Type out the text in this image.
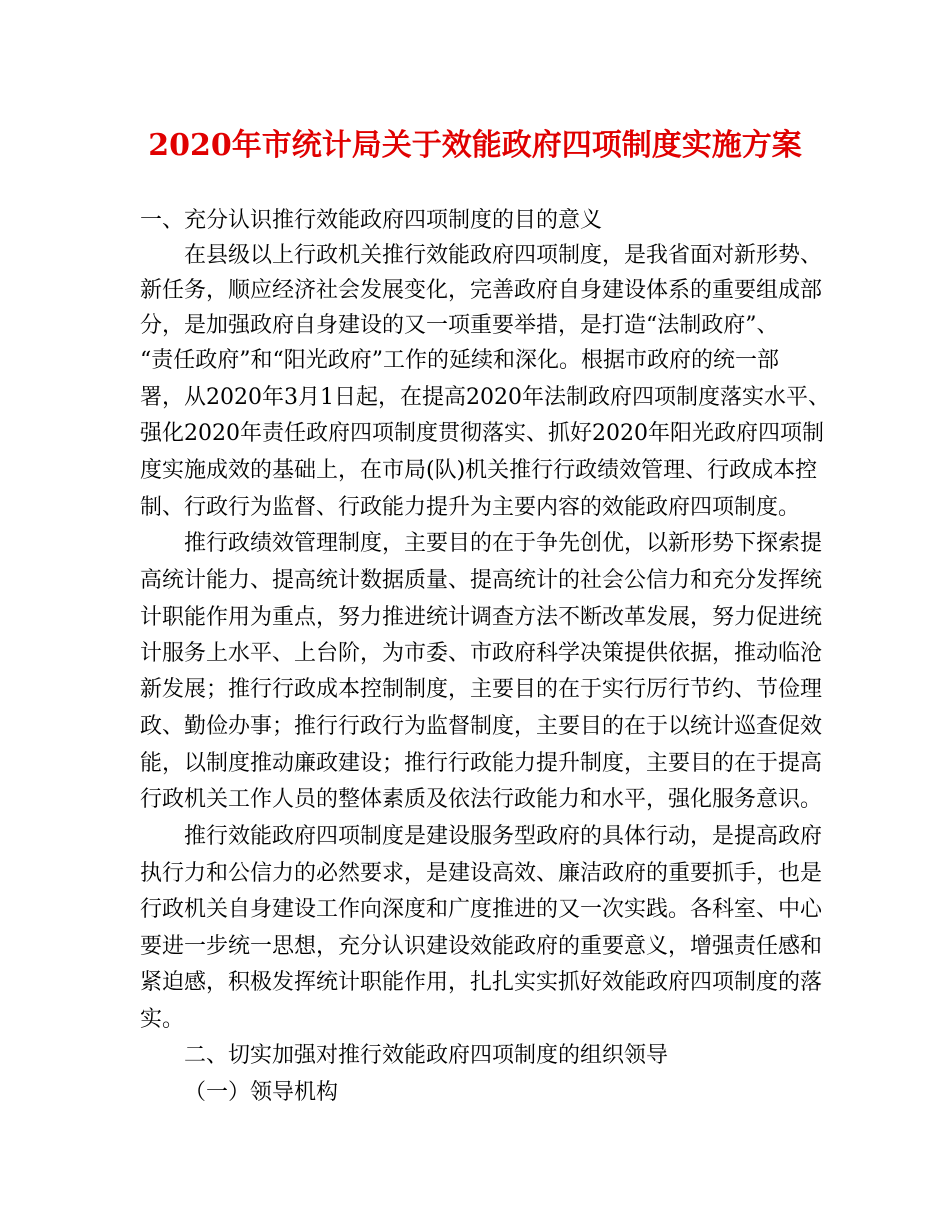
2020年市统计局关于效能政府四项制度实施方案
一、充分认识推行效能政府四项制度的目的意义
在县级以上行政机关推行效能政府四项制度，是我省面对新形势、
新任务，顺应经济社会发展变化，完善政府自身建设体系的重要组成部
分，是加强政府自身建设的又一项重要举措，是打造“法制政府”、
“责任政府”和“阳光政府”工作的延续和深化。根据市政府的统一部
署，从2020年3月1日起，在提高2020年法制政府四项制度落实水平、
强化2020年责任政府四项制度贯彻落实、抓好2020年阳光政府四项制
度实施成效的基础上，在市局(队)机关推行行政绩效管理、行政成本控
制、行政行为监督、行政能力提升为主要内容的效能政府四项制度。
推行政绩效管理制度，主要目的在于争先创优，以新形势下探索提
高统计能力、提高统计数据质量、提高统计的社会公信力和充分发挥统
计职能作用为重点，努力推进统计调查方法不断改革发展，努力促进统
计服务上水平、上台阶，为市委、市政府科学决策提供依据，推动临沧
新发展；推行行政成本控制制度，主要目的在于实行厉行节约、节俭理
政、勤俭办事；推行行政行为监督制度，主要目的在于以统计巡查促效
能，以制度推动廉政建设；推行行政能力提升制度，主要目的在于提高
行政机关工作人员的整体素质及依法行政能力和水平，强化服务意识。
推行效能政府四项制度是建设服务型政府的具体行动，是提高政府
执行力和公信力的必然要求，是建设高效、廉洁政府的重要抓手，也是
行政机关自身建设工作向深度和广度推进的又一次实践。各科室、中心
要进一步统一思想，充分认识建设效能政府的重要意义，增强责任感和
紧迫感，积极发挥统计职能作用，扎扎实实抓好效能政府四项制度的落
实。
二、切实加强对推行效能政府四项制度的组织领导
（一）领导机构
